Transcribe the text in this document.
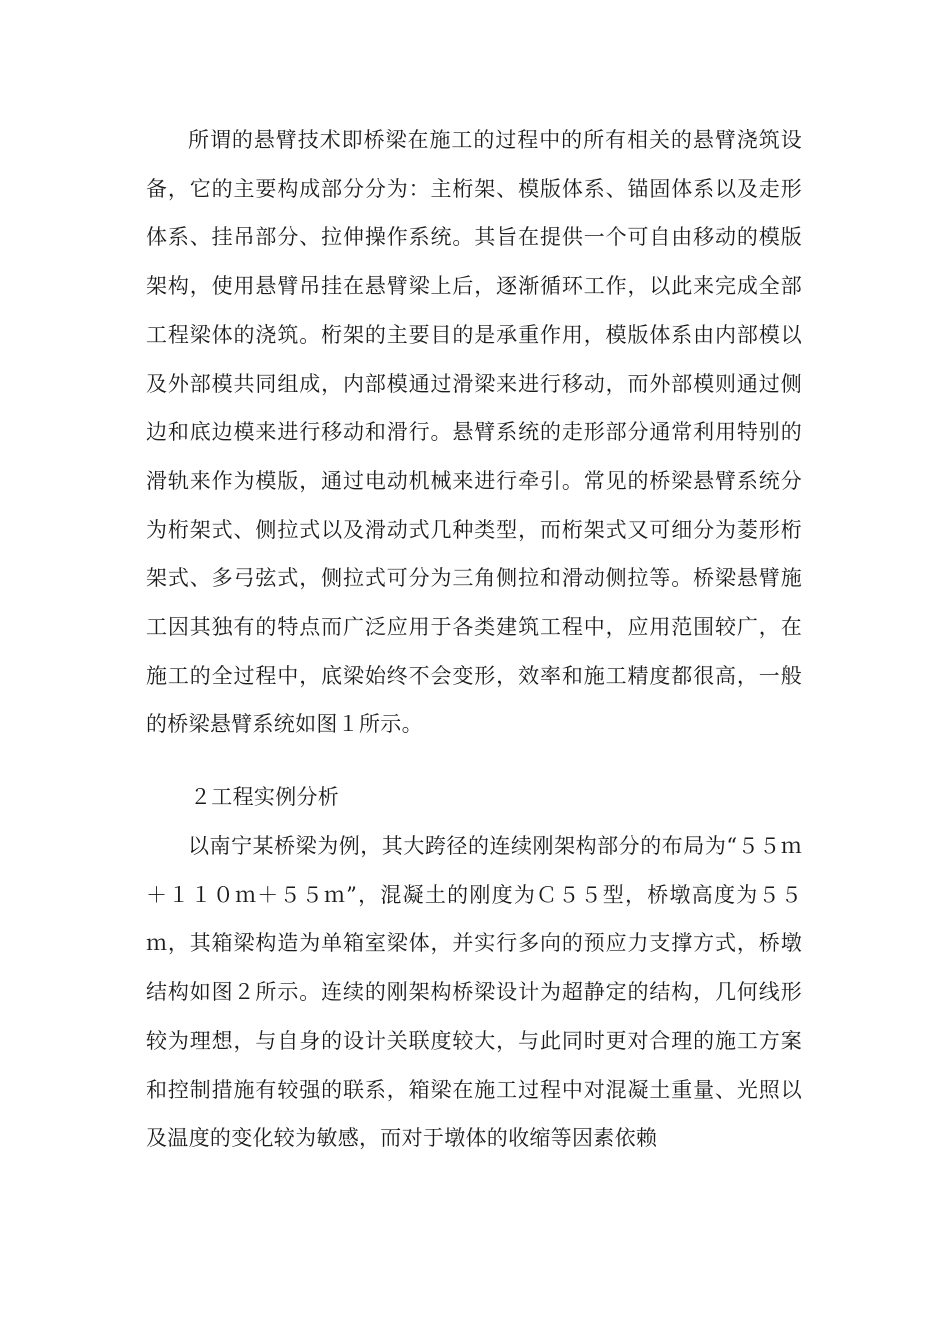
所谓的悬臂技术即桥梁在施工的过程中的所有相关的悬臂浇筑设备，它的主要构成部分分为：主桁架、模版体系、锚固体系以及走形体系、挂吊部分、拉伸操作系统。其旨在提供一个可自由移动的模版架构，使用悬臂吊挂在悬臂梁上后，逐渐循环工作，以此来完成全部工程梁体的浇筑。桁架的主要目的是承重作用，模版体系由内部模以及外部模共同组成，内部模通过滑梁来进行移动，而外部模则通过侧边和底边模来进行移动和滑行。悬臂系统的走形部分通常利用特别的滑轨来作为模版，通过电动机械来进行牵引。常见的桥梁悬臂系统分为桁架式、侧拉式以及滑动式几种类型，而桁架式又可细分为菱形桁架式、多弓弦式，侧拉式可分为三角侧拉和滑动侧拉等。桥梁悬臂施工因其独有的特点而广泛应用于各类建筑工程中，应用范围较广，在施工的全过程中，底梁始终不会变形，效率和施工精度都很高，一般的桥梁悬臂系统如图１所示。

２工程实例分析

以南宁某桥梁为例，其大跨径的连续刚架构部分的布局为“５５ｍ＋１１０ｍ＋５５ｍ”，混凝土的刚度为Ｃ５５型，桥墩高度为５５ｍ，其箱梁构造为单箱室梁体，并实行多向的预应力支撑方式，桥墩结构如图２所示。连续的刚架构桥梁设计为超静定的结构，几何线形较为理想，与自身的设计关联度较大，与此同时更对合理的施工方案和控制措施有较强的联系，箱梁在施工过程中对混凝土重量、光照以及温度的变化较为敏感，而对于墩体的收缩等因素依赖
